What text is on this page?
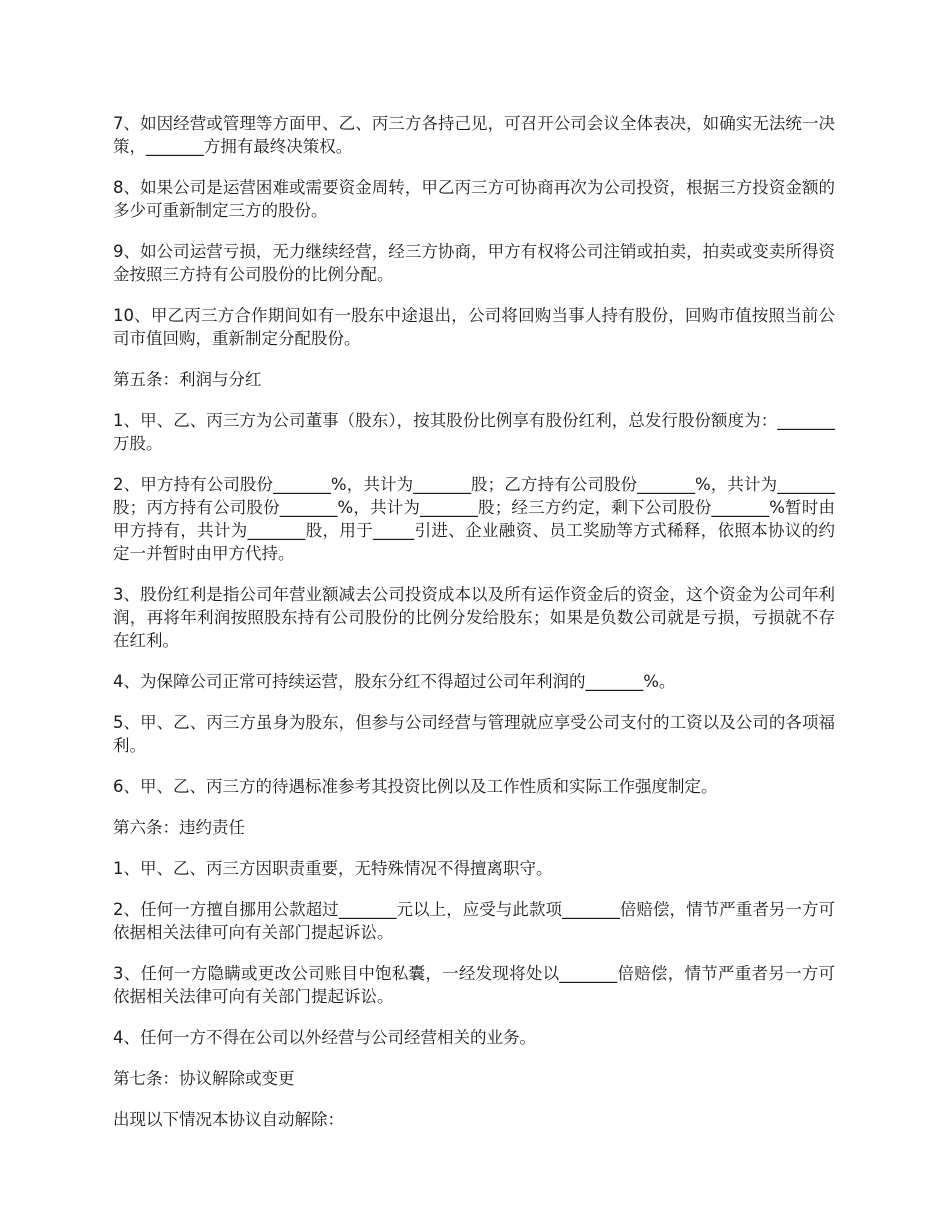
7、如因经营或管理等方面甲、乙、丙三方各持己见，可召开公司会议全体表决，如确实无法统一决策，_______方拥有最终决策权。

8、如果公司是运营困难或需要资金周转，甲乙丙三方可协商再次为公司投资，根据三方投资金额的多少可重新制定三方的股份。

9、如公司运营亏损，无力继续经营，经三方协商，甲方有权将公司注销或拍卖，拍卖或变卖所得资金按照三方持有公司股份的比例分配。

10、甲乙丙三方合作期间如有一股东中途退出，公司将回购当事人持有股份，回购市值按照当前公司市值回购，重新制定分配股份。

第五条：利润与分红

1、甲、乙、丙三方为公司董事（股东），按其股份比例享有股份红利，总发行股份额度为：_______万股。

2、甲方持有公司股份_______%，共计为_______股；乙方持有公司股份_______%，共计为_______股；丙方持有公司股份_______%，共计为_______股；经三方约定，剩下公司股份_______%暂时由甲方持有，共计为_______股，用于_____引进、企业融资、员工奖励等方式稀释，依照本协议的约定一并暂时由甲方代持。

3、股份红利是指公司年营业额减去公司投资成本以及所有运作资金后的资金，这个资金为公司年利润，再将年利润按照股东持有公司股份的比例分发给股东；如果是负数公司就是亏损，亏损就不存在红利。

4、为保障公司正常可持续运营，股东分红不得超过公司年利润的_______%。

5、甲、乙、丙三方虽身为股东，但参与公司经营与管理就应享受公司支付的工资以及公司的各项福利。

6、甲、乙、丙三方的待遇标准参考其投资比例以及工作性质和实际工作强度制定。

第六条：违约责任

1、甲、乙、丙三方因职责重要，无特殊情况不得擅离职守。

2、任何一方擅自挪用公款超过_______元以上，应受与此款项_______倍赔偿，情节严重者另一方可依据相关法律可向有关部门提起诉讼。

3、任何一方隐瞒或更改公司账目中饱私囊，一经发现将处以_______倍赔偿，情节严重者另一方可依据相关法律可向有关部门提起诉讼。

4、任何一方不得在公司以外经营与公司经营相关的业务。

第七条：协议解除或变更

出现以下情况本协议自动解除：
